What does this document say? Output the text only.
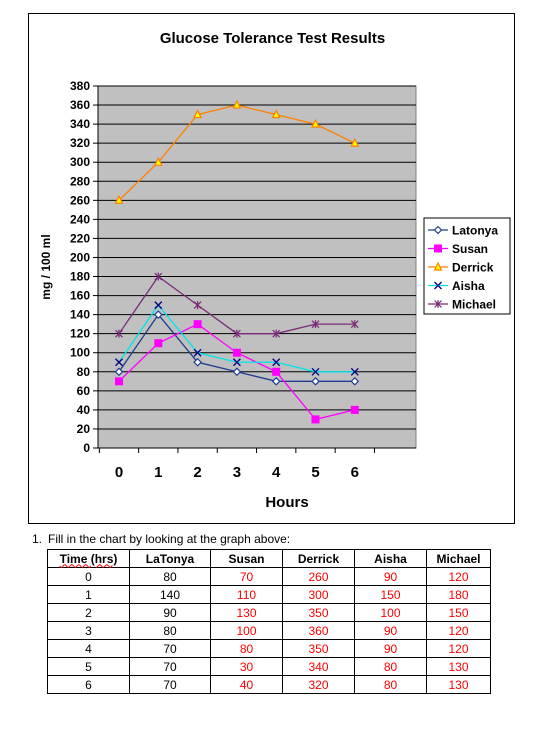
Glucose Tolerance Test Results
0
20
40
60
80
100
120
140
160
180
200
220
240
260
280
300
320
340
360
380
0 1 2 3 4 5 6
Hours
mg / 100 ml
Latonya
Susan
Derrick
Aisha
Michael
1. Fill in the chart by looking at the graph above:
Time (hrs)	LaTonya	Susan	Derrick	Aisha	Michael
0	80	70	260	90	120
1	140	110	300	150	180
2	90	130	350	100	150
3	80	100	360	90	120
4	70	80	350	90	120
5	70	30	340	80	130
6	70	40	320	80	130
